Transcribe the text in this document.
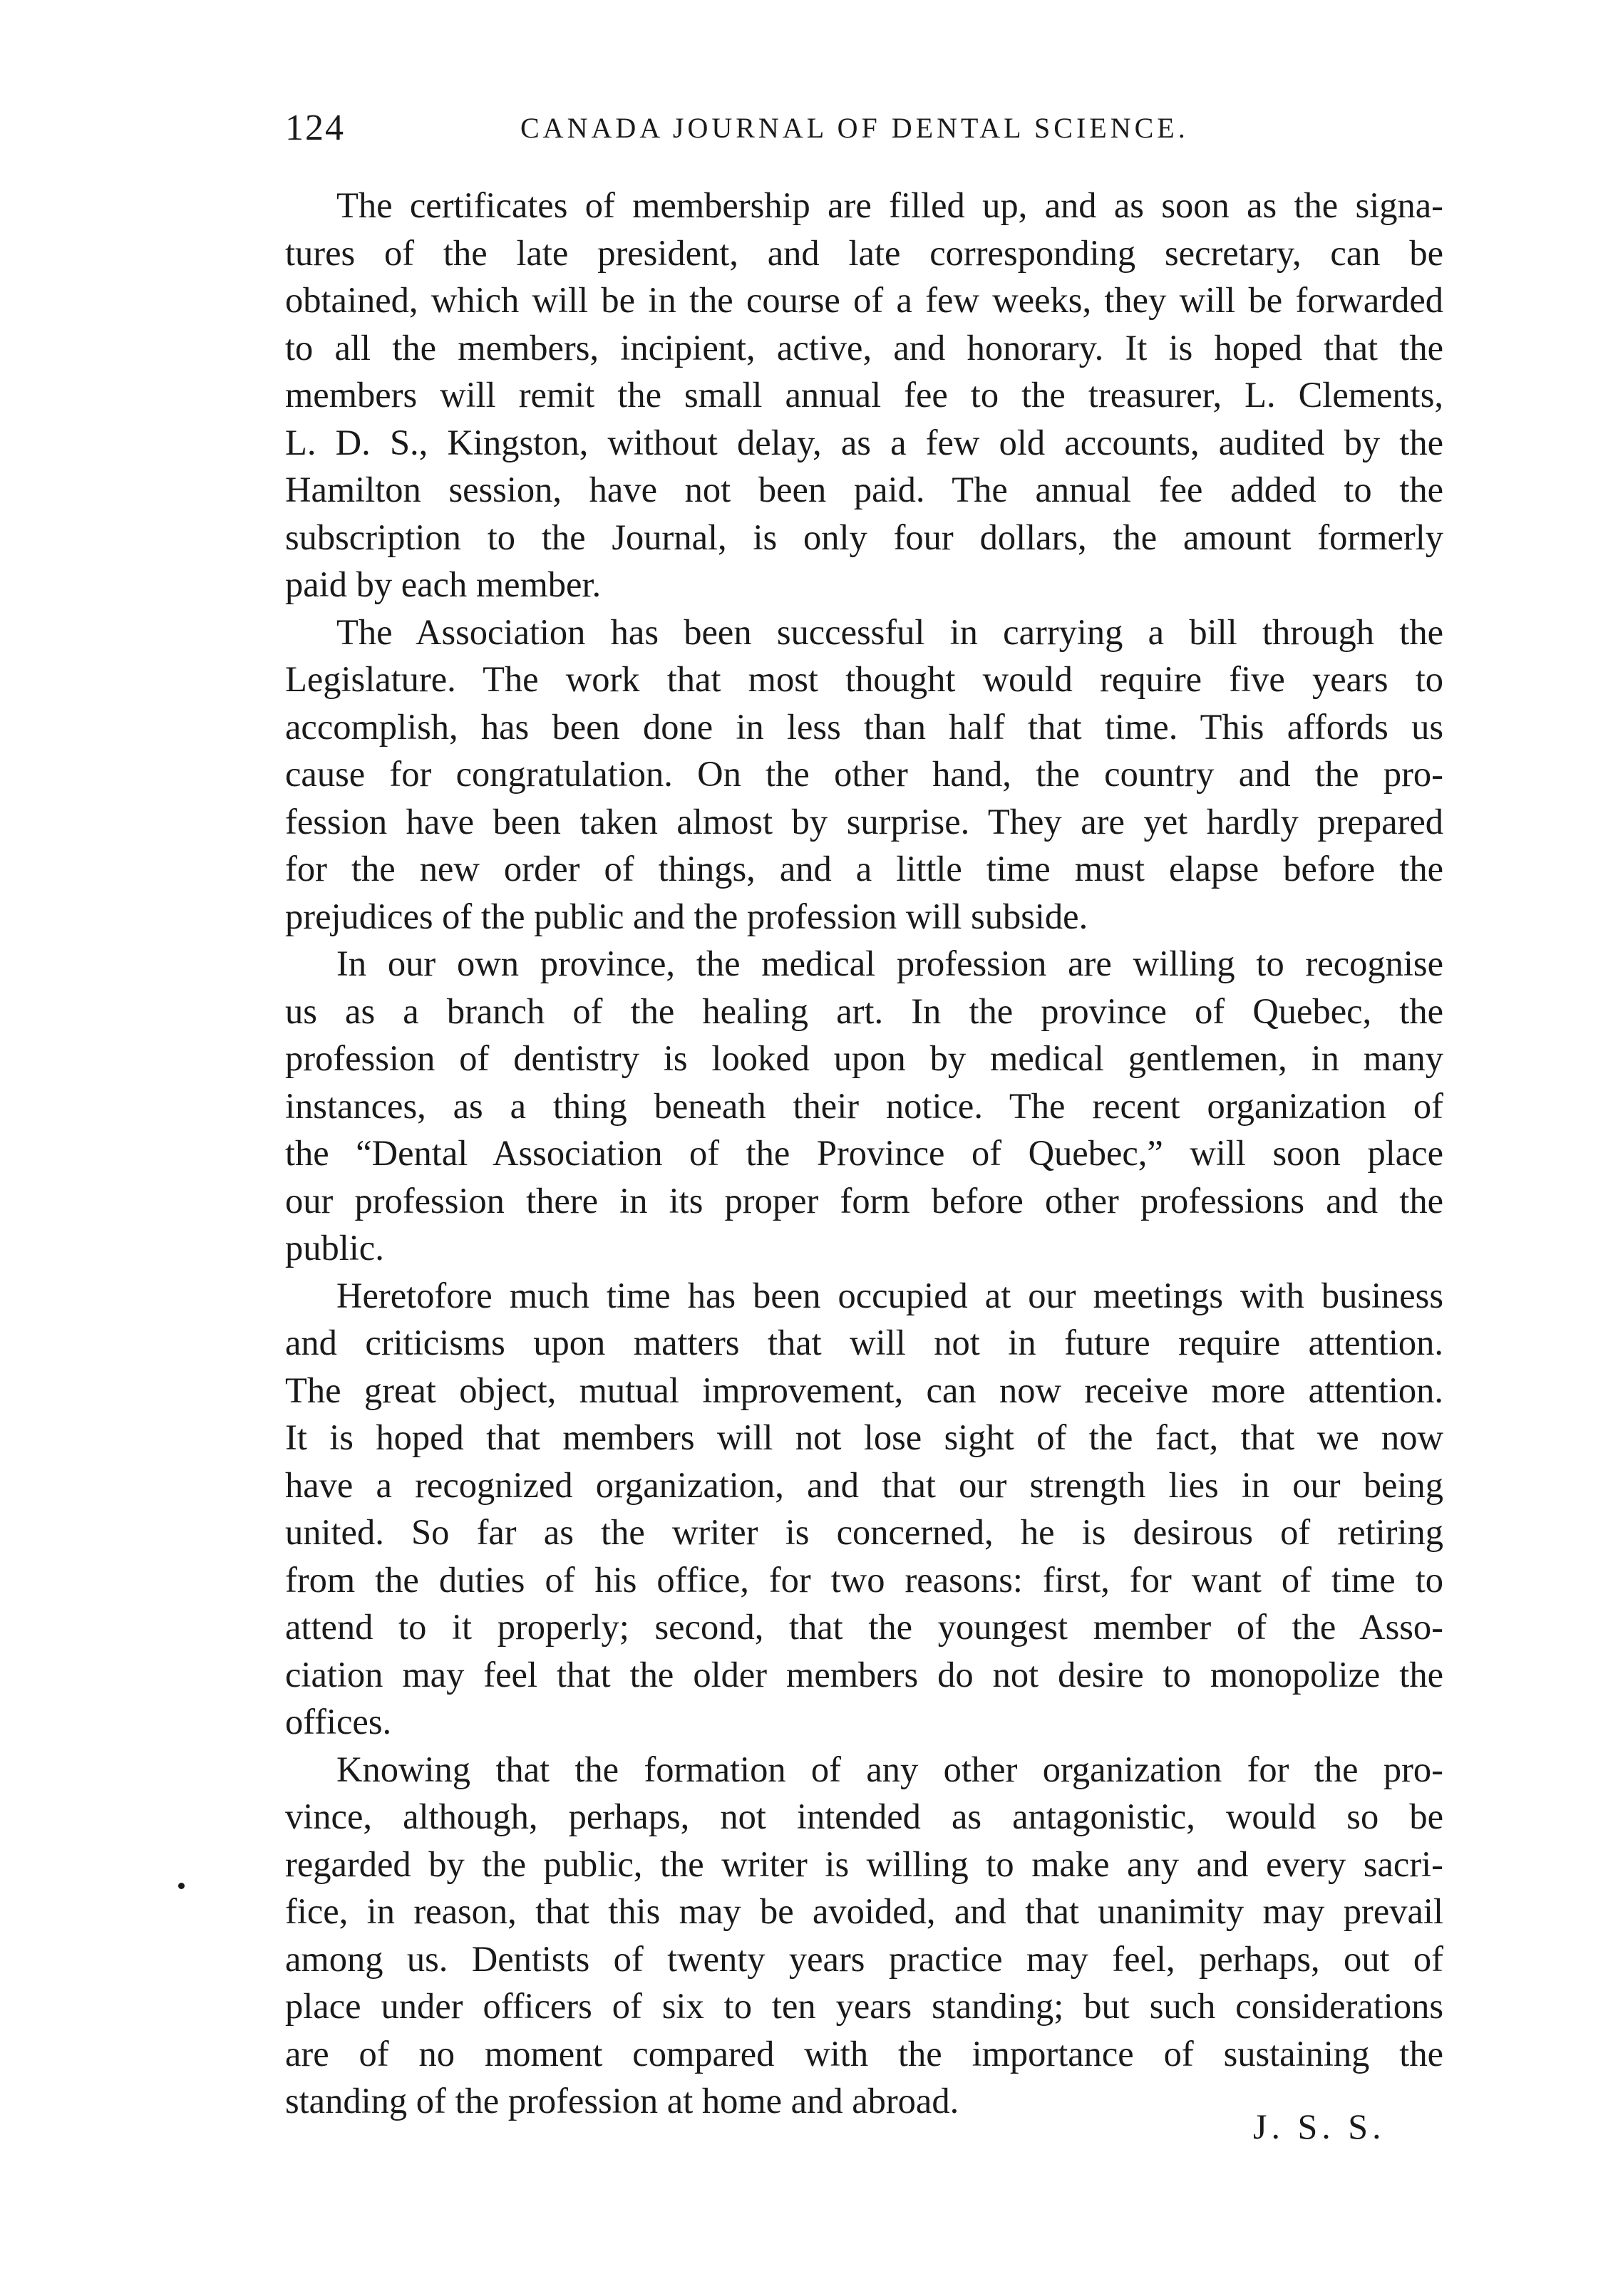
124	CANADA JOURNAL OF DENTAL SCIENCE.

The certificates of membership are filled up, and as soon as the signa-
tures of the late president, and late corresponding secretary, can be
obtained, which will be in the course of a few weeks, they will be forwarded
to all the members, incipient, active, and honorary. It is hoped that the
members will remit the small annual fee to the treasurer, L. Clements,
L. D. S., Kingston, without delay, as a few old accounts, audited by the
Hamilton session, have not been paid. The annual fee added to the
subscription to the Journal, is only four dollars, the amount formerly
paid by each member.

The Association has been successful in carrying a bill through the
Legislature. The work that most thought would require five years to
accomplish, has been done in less than half that time. This affords us
cause for congratulation. On the other hand, the country and the pro-
fession have been taken almost by surprise. They are yet hardly prepared
for the new order of things, and a little time must elapse before the
prejudices of the public and the profession will subside.

In our own province, the medical profession are willing to recognise
us as a branch of the healing art. In the province of Quebec, the
profession of dentistry is looked upon by medical gentlemen, in many
instances, as a thing beneath their notice. The recent organization of
the “Dental Association of the Province of Quebec,” will soon place
our profession there in its proper form before other professions and the
public.

Heretofore much time has been occupied at our meetings with business
and criticisms upon matters that will not in future require attention.
The great object, mutual improvement, can now receive more attention.
It is hoped that members will not lose sight of the fact, that we now
have a recognized organization, and that our strength lies in our being
united. So far as the writer is concerned, he is desirous of retiring
from the duties of his office, for two reasons: first, for want of time to
attend to it properly; second, that the youngest member of the Asso-
ciation may feel that the older members do not desire to monopolize the
offices.

Knowing that the formation of any other organization for the pro-
vince, although, perhaps, not intended as antagonistic, would so be
regarded by the public, the writer is willing to make any and every sacri-
fice, in reason, that this may be avoided, and that unanimity may prevail
among us. Dentists of twenty years practice may feel, perhaps, out of
place under officers of six to ten years standing; but such considerations
are of no moment compared with the importance of sustaining the
standing of the profession at home and abroad.

J. S. S.
